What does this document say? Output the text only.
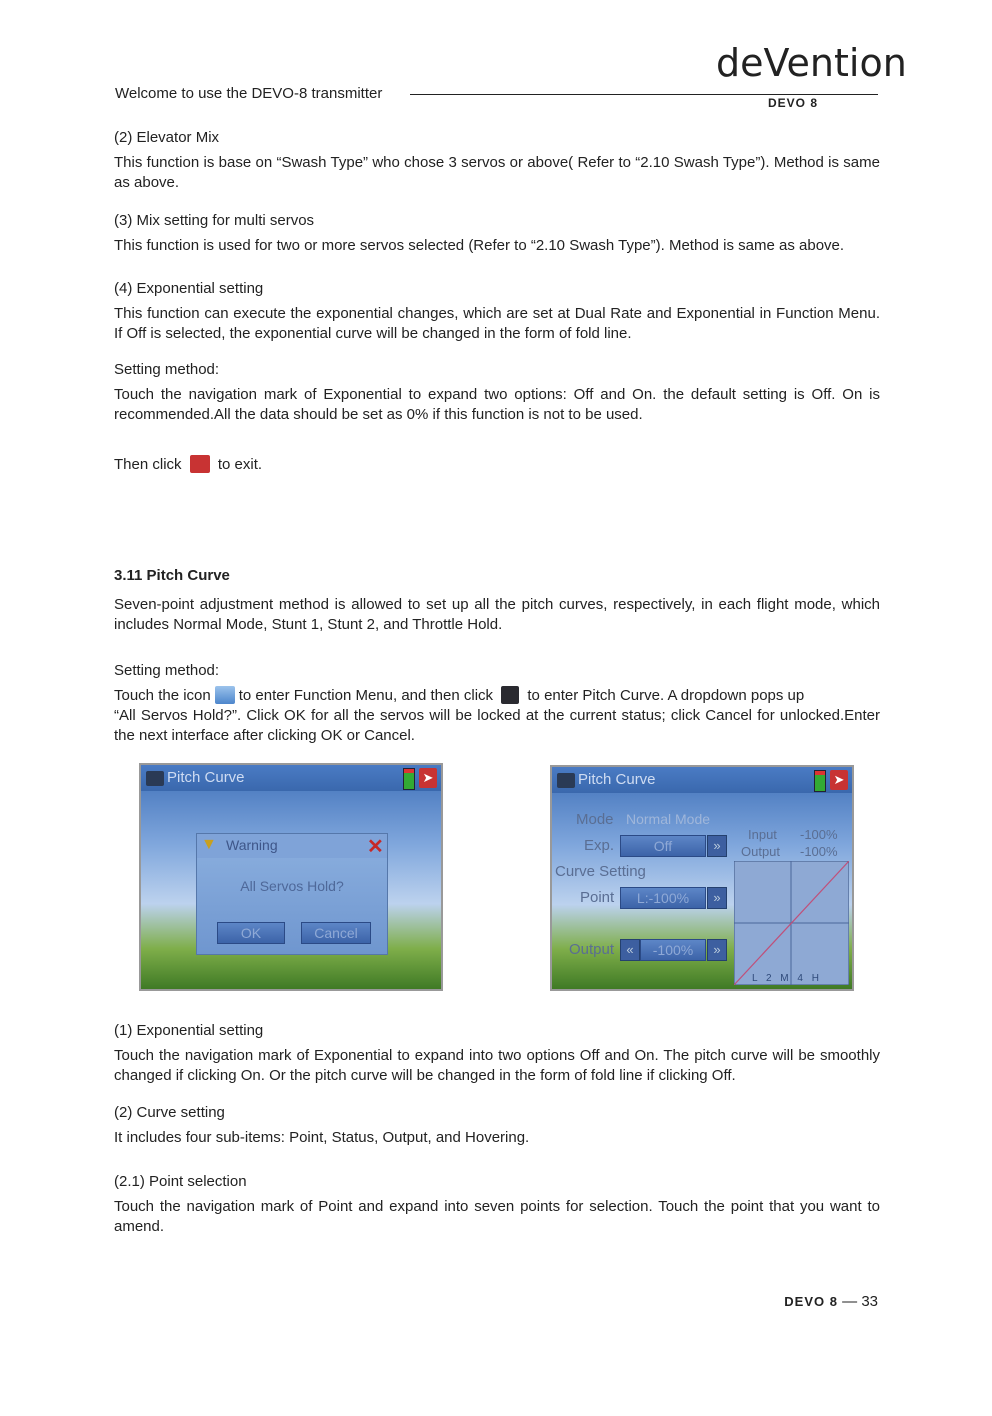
Welcome to use the DEVO-8 transmitter
deVention
DEVO 8

(2) Elevator Mix

This function is base on “Swash Type” who chose 3 servos or above( Refer to “2.10 Swash Type”). Method is same as above.

(3) Mix setting for multi servos

This function is used for two or more servos selected (Refer to “2.10 Swash Type”). Method is same as above.

(4) Exponential setting

This function can execute the exponential changes, which are set at Dual Rate and Exponential in Function Menu. If Off is selected, the exponential curve will be changed in the form of fold line.

Setting method:

Touch the navigation mark of Exponential to expand two options: Off and On. the default setting is Off. On is recommended.All the data should be set as 0% if this function is not to be used.

Then click to exit.

3.11 Pitch Curve

Seven-point adjustment method is allowed to set up all the pitch curves, respectively, in each flight mode, which includes Normal Mode, Stunt 1, Stunt 2, and Throttle Hold.

Setting method:

Touch the icon to enter Function Menu, and then click to enter Pitch Curve. A dropdown pops up

“All Servos Hold?”. Click OK for all the servos will be locked at the current status; click Cancel for unlocked.Enter the next interface after clicking OK or Cancel.

Pitch Curve	➤
▼ Warning	✕
All Servos Hold?
OK	Cancel
Pitch Curve	➤
Mode Normal Mode
Exp.	Off	»
Input -100%
Output -100%
Curve Setting
Point	L:-100%	»
Output «	-100%	»
L 2 M 4 H

(1) Exponential setting

Touch the navigation mark of Exponential to expand into two options Off and On. The pitch curve will be smoothly changed if clicking On. Or the pitch curve will be changed in the form of fold line if clicking Off.

(2) Curve setting

It includes four sub-items: Point, Status, Output, and Hovering.

(2.1) Point selection

Touch the navigation mark of Point and expand into seven points for selection. Touch the point that you want to amend.

DEVO 8 — 33
